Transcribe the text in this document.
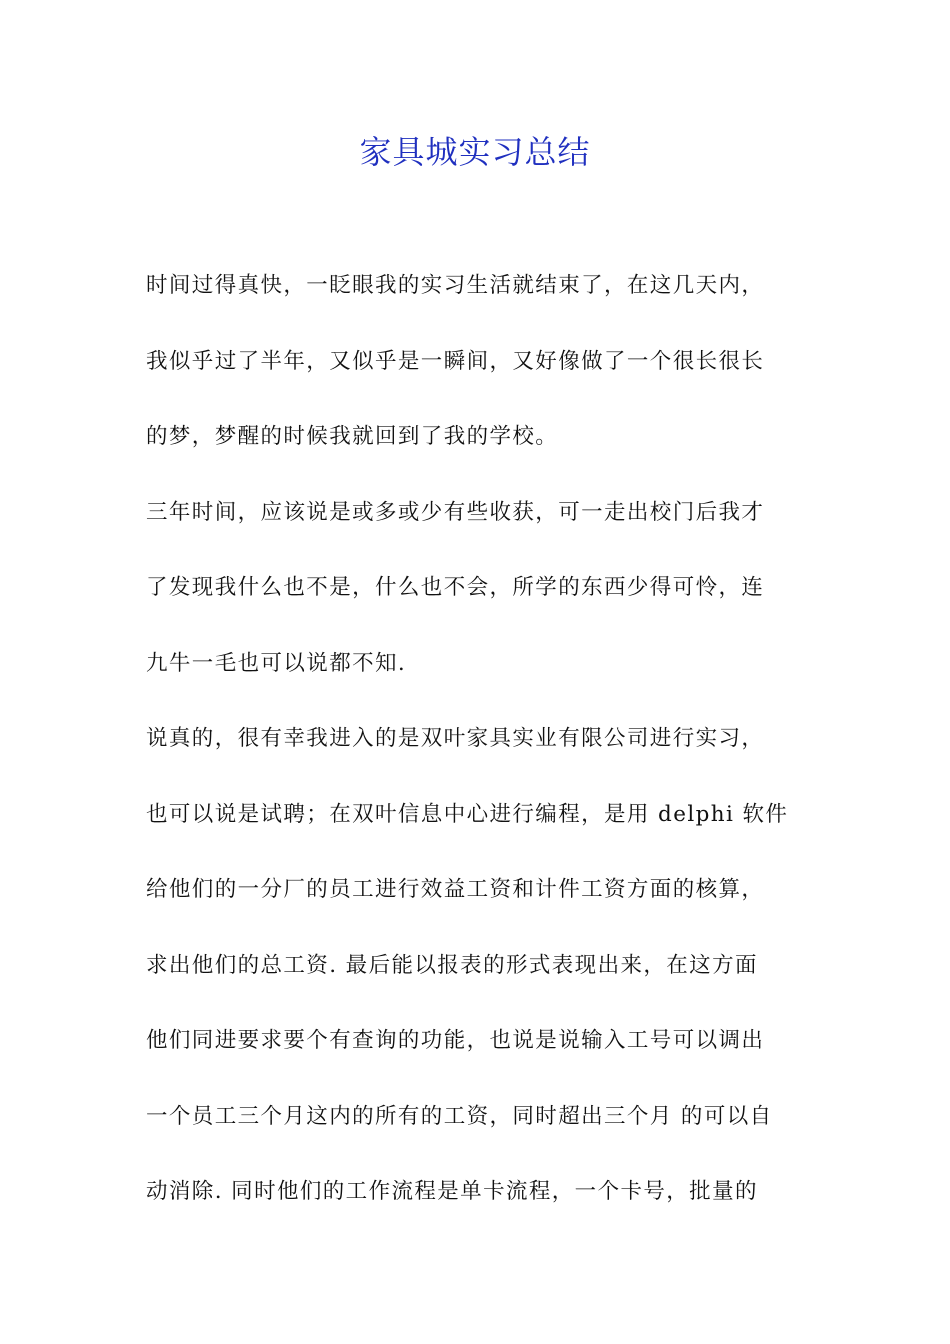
家具城实习总结
时间过得真快，一眨眼我的实习生活就结束了，在这几天内，
我似乎过了半年，又似乎是一瞬间，又好像做了一个很长很长
的梦，梦醒的时候我就回到了我的学校。
三年时间，应该说是或多或少有些收获，可一走出校门后我才
了发现我什么也不是，什么也不会，所学的东西少得可怜，连
九牛一毛也可以说都不知.
说真的，很有幸我进入的是双叶家具实业有限公司进行实习，
也可以说是试聘；在双叶信息中心进行编程，是用 delphi 软件
给他们的一分厂的员工进行效益工资和计件工资方面的核算，
求出他们的总工资. 最后能以报表的形式表现出来，在这方面
他们同进要求要个有查询的功能，也说是说输入工号可以调出
一个员工三个月这内的所有的工资，同时超出三个月 的可以自
动消除. 同时他们的工作流程是单卡流程，一个卡号，批量的
